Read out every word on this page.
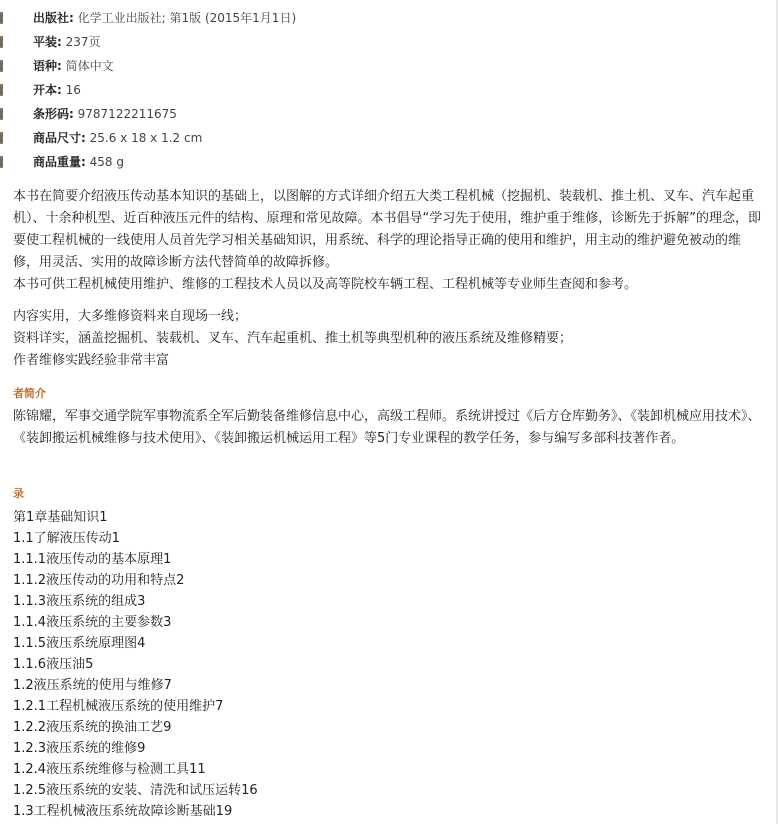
出版社: 化学工业出版社; 第1版 (2015年1月1日)
平装: 237页
语种: 简体中文
开本: 16
条形码: 9787122211675
商品尺寸: 25.6 x 18 x 1.2 cm
商品重量: 458 g

本书在简要介绍液压传动基本知识的基础上，以图解的方式详细介绍五大类工程机械（挖掘机、装载机、推土机、叉车、汽车起重机）、十余种机型、近百种液压元件的结构、原理和常见故障。本书倡导“学习先于使用，维护重于维修，诊断先于拆解”的理念，即要使工程机械的一线使用人员首先学习相关基础知识，用系统、科学的理论指导正确的使用和维护，用主动的维护避免被动的维修，用灵活、实用的故障诊断方法代替简单的故障拆修。

本书可供工程机械使用维护、维修的工程技术人员以及高等院校车辆工程、工程机械等专业师生查阅和参考。

内容实用，大多维修资料来自现场一线；

资料详实，涵盖挖掘机、装载机、叉车、汽车起重机、推土机等典型机种的液压系统及维修精要；

作者维修实践经验非常丰富

者简介

陈锦耀，军事交通学院军事物流系全军后勤装备维修信息中心，高级工程师。系统讲授过《后方仓库勤务》、《装卸机械应用技术》、《装卸搬运机械维修与技术使用》、《装卸搬运机械运用工程》等5门专业课程的教学任务，参与编写多部科技著作者。

录
第1章基础知识1
1.1了解液压传动1
1.1.1液压传动的基本原理1
1.1.2液压传动的功用和特点2
1.1.3液压系统的组成3
1.1.4液压系统的主要参数3
1.1.5液压系统原理图4
1.1.6液压油5
1.2液压系统的使用与维修7
1.2.1工程机械液压系统的使用维护7
1.2.2液压系统的换油工艺9
1.2.3液压系统的维修9
1.2.4液压系统维修与检测工具11
1.2.5液压系统的安装、清洗和试压运转16
1.3工程机械液压系统故障诊断基础19
